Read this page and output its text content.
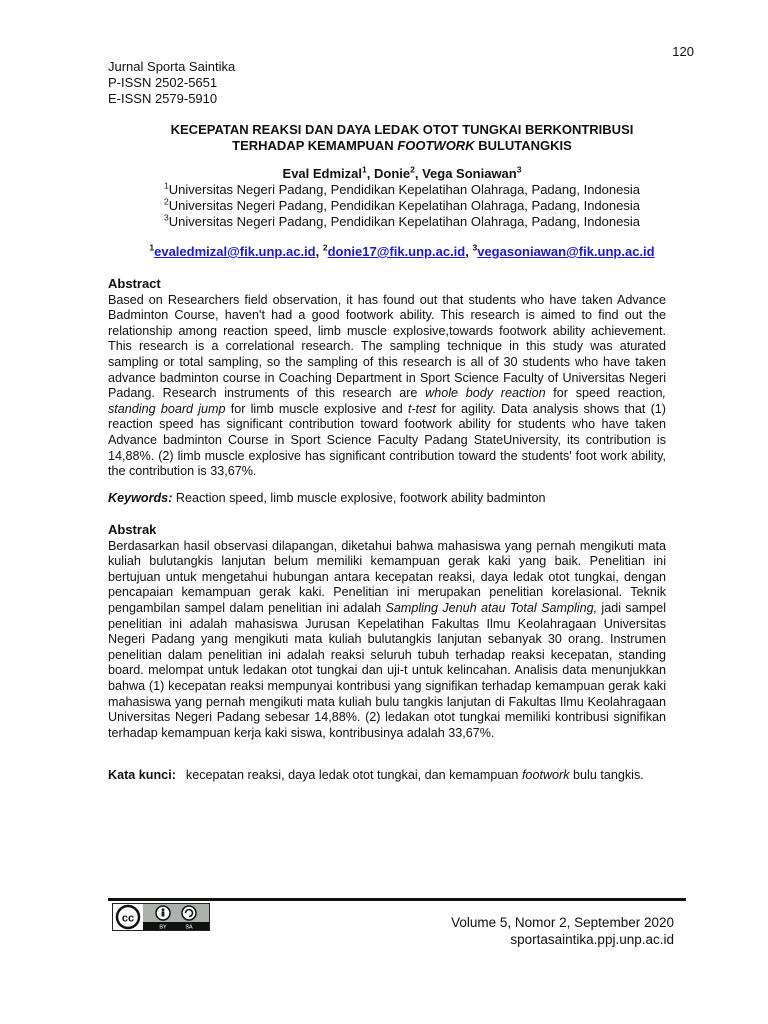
120
Jurnal Sporta Saintika
P-ISSN 2502-5651
E-ISSN 2579-5910
KECEPATAN REAKSI DAN DAYA LEDAK OTOT TUNGKAI BERKONTRIBUSI
TERHADAP KEMAMPUAN FOOTWORK BULUTANGKIS
Eval Edmizal$^1$, Donie$^2$, Vega Soniawan$^3$
$^1$Universitas Negeri Padang, Pendidikan Kepelatihan Olahraga, Padang, Indonesia
$^2$Universitas Negeri Padang, Pendidikan Kepelatihan Olahraga, Padang, Indonesia
$^3$Universitas Negeri Padang, Pendidikan Kepelatihan Olahraga, Padang, Indonesia
$^1$evaledmizal@fik.unp.ac.id, $^2$donie17@fik.unp.ac.id, $^3$vegasoniawan@fik.unp.ac.id
Abstract

Based on Researchers field observation, it has found out that students who have taken Advance Badminton Course, haven't had a good footwork ability. This research is aimed to find out the relationship among reaction speed, limb muscle explosive,towards footwork ability achievement. This research is a correlational research. The sampling technique in this study was aturated sampling or total sampling, so the sampling of this research is all of 30 students who have taken advance badminton course in Coaching Department in Sport Science Faculty of Universitas Negeri Padang. Research instruments of this research are whole body reaction for speed reaction, standing board jump for limb muscle explosive and t-test for agility. Data analysis shows that (1) reaction speed has significant contribution toward footwork ability for students who have taken Advance badminton Course in Sport Science Faculty Padang StateUniversity, its contribution is 14,88%. (2) limb muscle explosive has significant contribution toward the students' foot work ability, the contribution is 33,67%.

Keywords: Reaction speed, limb muscle explosive, footwork ability badminton
Abstrak

Berdasarkan hasil observasi dilapangan, diketahui bahwa mahasiswa yang pernah mengikuti mata kuliah bulutangkis lanjutan belum memiliki kemampuan gerak kaki yang baik. Penelitian ini bertujuan untuk mengetahui hubungan antara kecepatan reaksi, daya ledak otot tungkai, dengan pencapaian kemampuan gerak kaki. Penelitian ini merupakan penelitian korelasional. Teknik pengambilan sampel dalam penelitian ini adalah Sampling Jenuh atau Total Sampling, jadi sampel penelitian ini adalah mahasiswa Jurusan Kepelatihan Fakultas Ilmu Keolahragaan Universitas Negeri Padang yang mengikuti mata kuliah bulutangkis lanjutan sebanyak 30 orang. Instrumen penelitian dalam penelitian ini adalah reaksi seluruh tubuh terhadap reaksi kecepatan, standing board. melompat untuk ledakan otot tungkai dan uji-t untuk kelincahan. Analisis data menunjukkan bahwa (1) kecepatan reaksi mempunyai kontribusi yang signifikan terhadap kemampuan gerak kaki mahasiswa yang pernah mengikuti mata kuliah bulu tangkis lanjutan di Fakultas Ilmu Keolahragaan Universitas Negeri Padang sebesar 14,88%. (2) ledakan otot tungkai memiliki kontribusi signifikan terhadap kemampuan kerja kaki siswa, kontribusinya adalah 33,67%.

Kata kunci: kecepatan reaksi, daya ledak otot tungkai, dan kemampuan footwork bulu tangkis.
cc
BY	SA	Volume 5, Nomor 2, September 2020
sportasaintika.ppj.unp.ac.id
